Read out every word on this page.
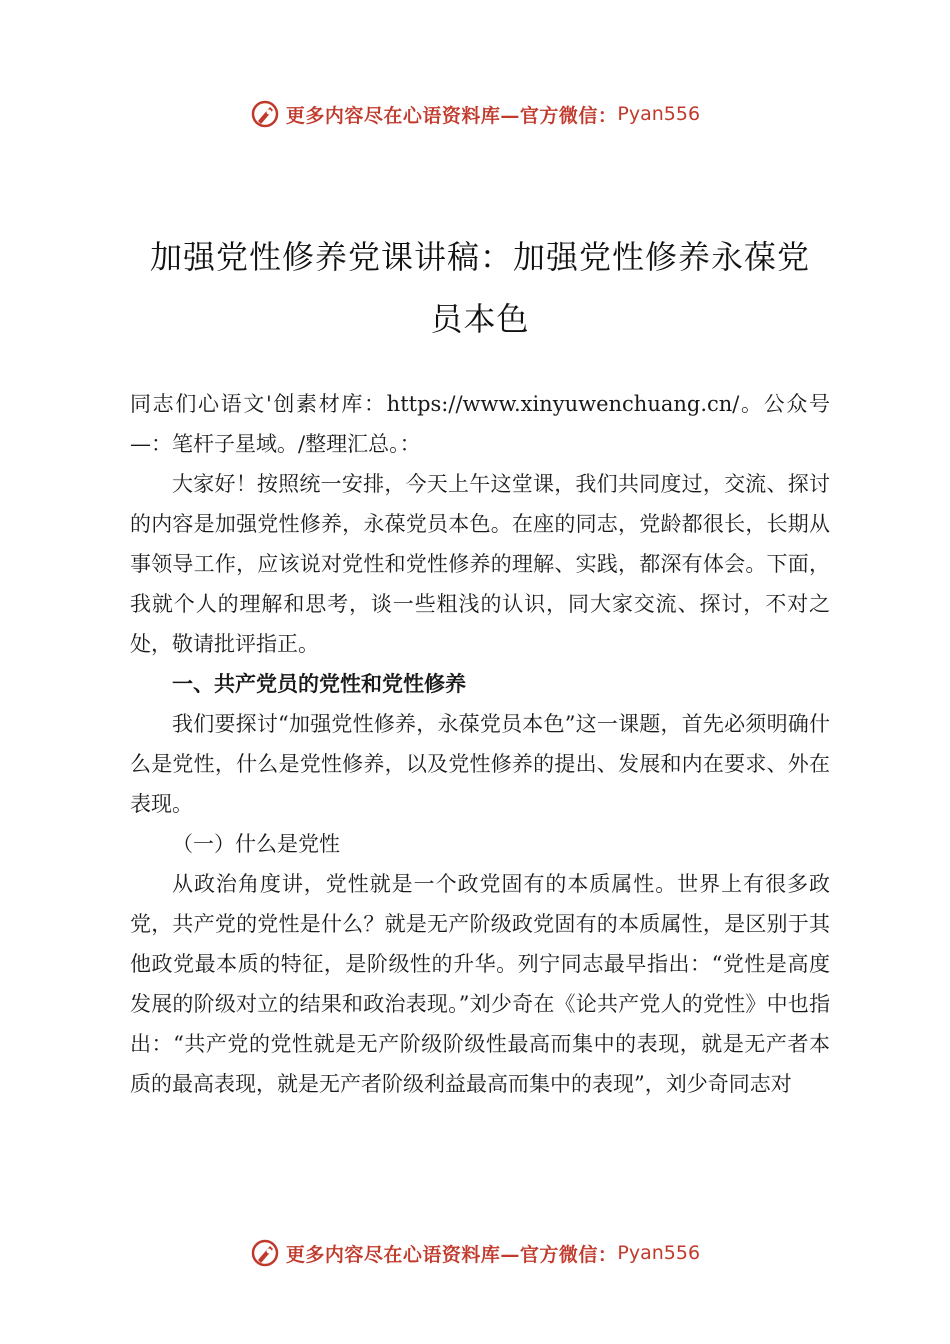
更多内容尽在心语资料库—官方微信： Pyan556
加强党性修养党课讲稿：加强党性修养永葆党
员本色

同志们心语文'创素材库：https://www.xinyuwenchuang.cn/。公众号—：笔杆子星域。/整理汇总。：

大家好！按照统一安排，今天上午这堂课，我们共同度过，交流、探讨的内容是加强党性修养，永葆党员本色。在座的同志，党龄都很长，长期从事领导工作，应该说对党性和党性修养的理解、实践，都深有体会。下面，我就个人的理解和思考，谈一些粗浅的认识，同大家交流、探讨，不对之处，敬请批评指正。

一、共产党员的党性和党性修养

我们要探讨“加强党性修养，永葆党员本色”这一课题，首先必须明确什么是党性，什么是党性修养，以及党性修养的提出、发展和内在要求、外在表现。

（一）什么是党性

从政治角度讲，党性就是一个政党固有的本质属性。世界上有很多政党，共产党的党性是什么？就是无产阶级政党固有的本质属性，是区别于其他政党最本质的特征，是阶级性的升华。列宁同志最早指出：“党性是高度发展的阶级对立的结果和政治表现。”刘少奇在《论共产党人的党性》中也指出：“共产党的党性就是无产阶级阶级性最高而集中的表现，就是无产者本质的最高表现，就是无产者阶级利益最高而集中的表现”，刘少奇同志对

更多内容尽在心语资料库—官方微信： Pyan556
